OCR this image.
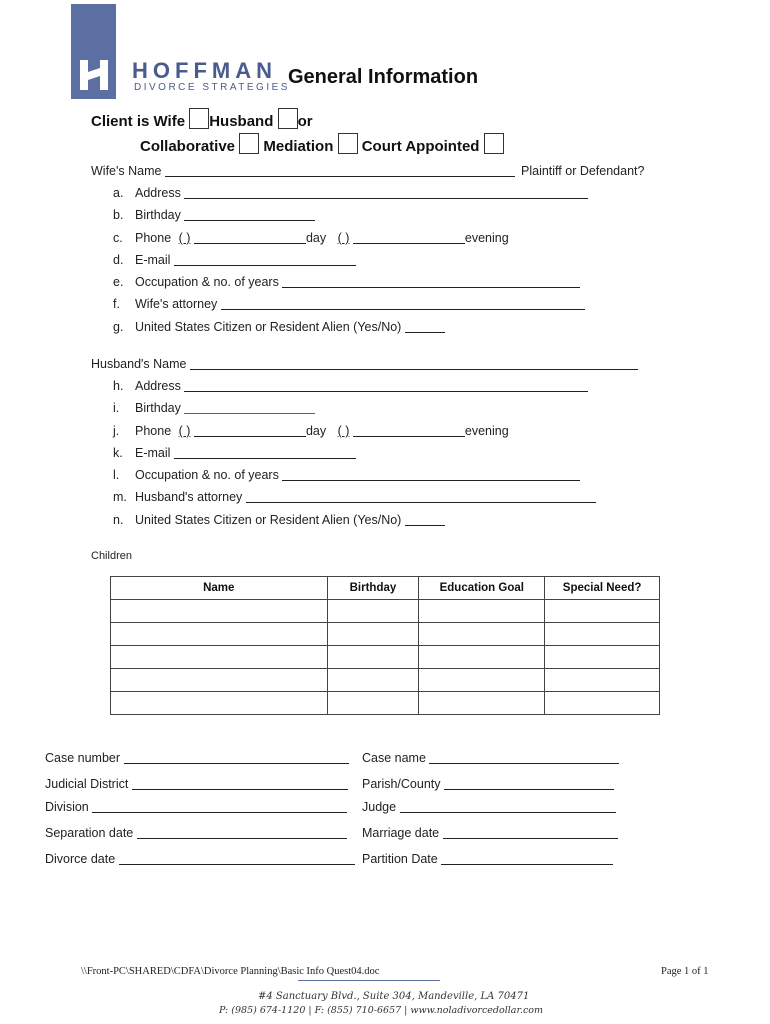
HOFFMAN
DIVORCE STRATEGIES
General Information
Client is Wife Husband or
Collaborative Mediation Court Appointed
Wife's Name	Plaintiff or Defendant?
a. Address
b. Birthday
c. Phone ( )	day ( )	evening
d. E-mail
e. Occupation & no. of years
f. Wife's attorney
g. United States Citizen or Resident Alien (Yes/No)
Husband's Name
h. Address
i. Birthday
j. Phone ( )	day ( )	evening
k. E-mail
l. Occupation & no. of years
m. Husband's attorney
n. United States Citizen or Resident Alien (Yes/No)
Children
Name	Birthday	Education Goal	Special Need?

Case number	Case name
Judicial District	Parish/County
Division	Judge
Separation date	Marriage date
Divorce date	Partition Date
\\Front-PC\SHARED\CDFA\Divorce Planning\Basic Info Quest04.doc	Page 1 of 1
#4 Sanctuary Blvd., Suite 304, Mandeville, LA 70471
P: (985) 674-1120 | F: (855) 710-6657 | www.noladivorcedollar.com
